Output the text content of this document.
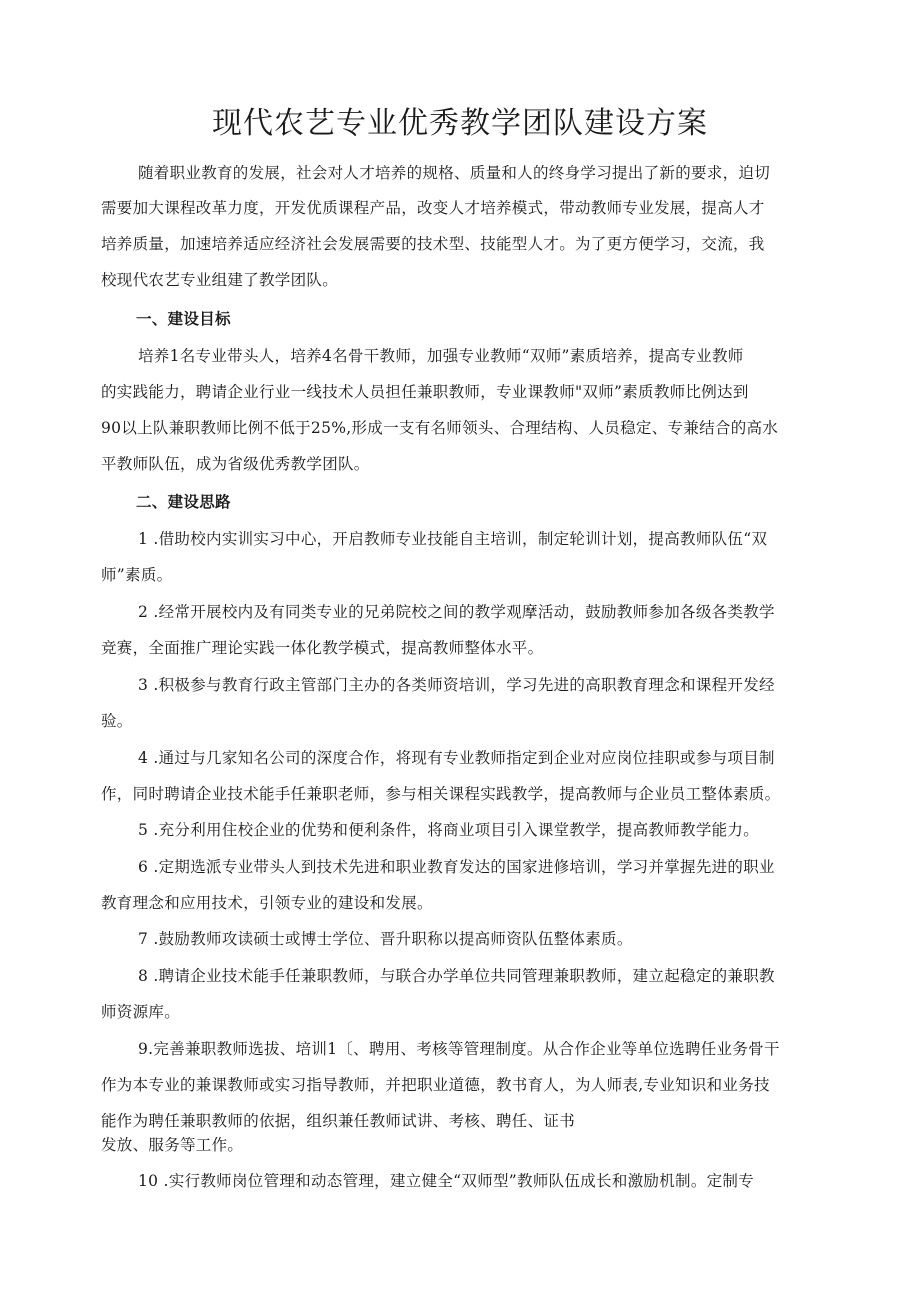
现代农艺专业优秀教学团队建设方案
随着职业教育的发展，社会对人才培养的规格、质量和人的终身学习提出了新的要求，迫切
需要加大课程改革力度，开发优质课程产品，改变人才培养模式，带动教师专业发展，提高人才
培养质量，加速培养适应经济社会发展需要的技术型、技能型人才。为了更方便学习，交流，我
校现代农艺专业组建了教学团队。
一、建设目标
培养1名专业带头人，培养4名骨干教师，加强专业教师“双师”素质培养，提高专业教师
的实践能力，聘请企业行业一线技术人员担任兼职教师，专业课教师"双师”素质教师比例达到
90以上队兼职教师比例不低于25%,形成一支有名师领头、合理结构、人员稳定、专兼结合的高水
平教师队伍，成为省级优秀教学团队。
二、建设思路
1 .借助校内实训实习中心，开启教师专业技能自主培训，制定轮训计划，提高教师队伍“双
师”素质。
2 .经常开展校内及有同类专业的兄弟院校之间的教学观摩活动，鼓励教师参加各级各类教学
竞赛，全面推广理论实践一体化教学模式，提高教师整体水平。
3 .积极参与教育行政主管部门主办的各类师资培训，学习先进的高职教育理念和课程开发经
验。
4 .通过与几家知名公司的深度合作，将现有专业教师指定到企业对应岗位挂职或参与项目制
作，同时聘请企业技术能手任兼职老师，参与相关课程实践教学，提高教师与企业员工整体素质。
5 .充分利用住校企业的优势和便利条件，将商业项目引入课堂教学，提高教师教学能力。
6 .定期选派专业带头人到技术先进和职业教育发达的国家进修培训，学习并掌握先进的职业
教育理念和应用技术，引领专业的建设和发展。
7 .鼓励教师攻读硕士或博士学位、晋升职称以提高师资队伍整体素质。
8 .聘请企业技术能手任兼职教师，与联合办学单位共同管理兼职教师，建立起稳定的兼职教
师资源库。
9.完善兼职教师选拔、培训1〔、聘用、考核等管理制度。从合作企业等单位选聘任业务骨干
作为本专业的兼课教师或实习指导教师，并把职业道德，教书育人，为人师表,专业知识和业务技
能作为聘任兼职教师的依据，组织兼任教师试讲、考核、聘任、证书
发放、服务等工作。
10 .实行教师岗位管理和动态管理，建立健全“双师型”教师队伍成长和激励机制。定制专
